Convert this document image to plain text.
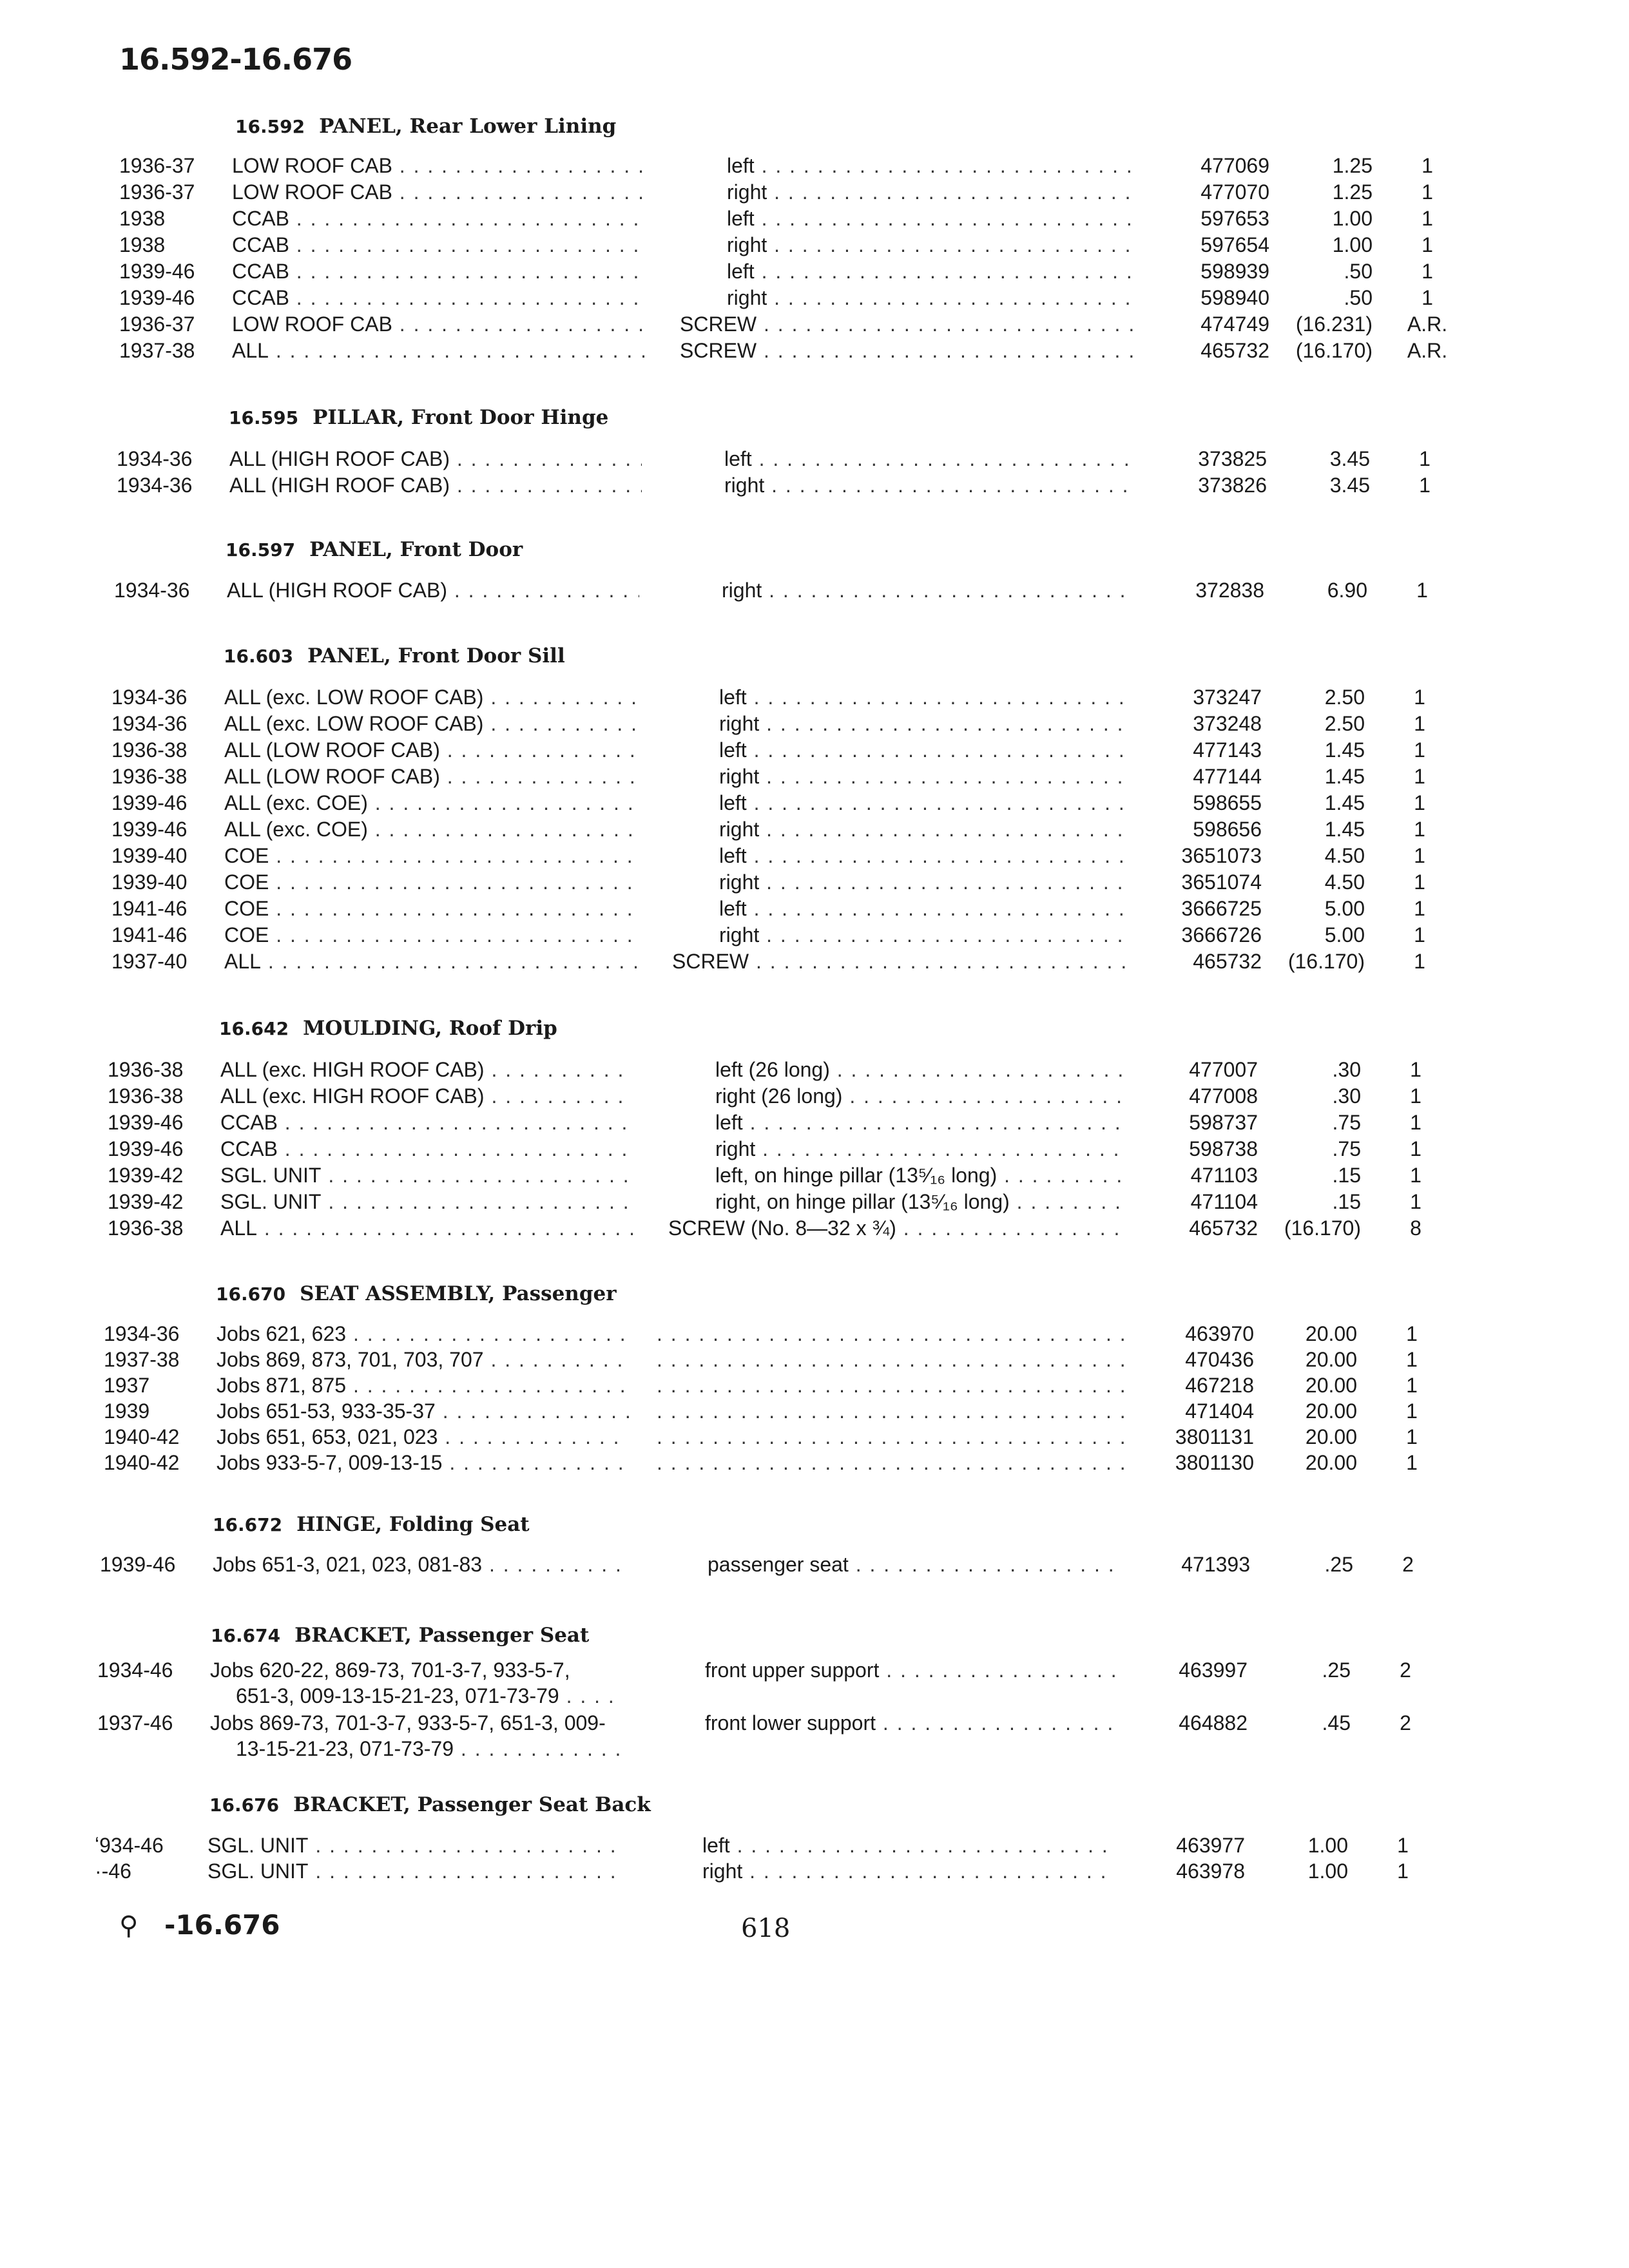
16.592-16.676
16.592 PANEL, Rear Lower Lining
1936-37	LOW ROOF CAB . . .	left . . .	477069	1.25	1
1936-37	LOW ROOF CAB . . .	right . . .	477070	1.25	1
1938	CCAB . . .	left . . .	597653	1.00	1
1938	CCAB . . .	right . . .	597654	1.00	1
1939-46	CCAB . . .	left . . .	598939	.50	1
1939-46	CCAB . . .	right . . .	598940	.50	1
1936-37	LOW ROOF CAB . . .	SCREW . . .	474749	(16.231)	A.R.
1937-38	ALL . . .	SCREW . . .	465732	(16.170)	A.R.
16.595 PILLAR, Front Door Hinge
1934-36	ALL (HIGH ROOF CAB) . . .	left . . .	373825	3.45	1
1934-36	ALL (HIGH ROOF CAB) . . .	right . . .	373826	3.45	1
16.597 PANEL, Front Door
1934-36	ALL (HIGH ROOF CAB) . . .	right . . .	372838	6.90	1
16.603 PANEL, Front Door Sill
1934-36	ALL (exc. LOW ROOF CAB) . . .	left . . .	373247	2.50	1
1934-36	ALL (exc. LOW ROOF CAB) . . .	right . . .	373248	2.50	1
1936-38	ALL (LOW ROOF CAB) . . .	left . . .	477143	1.45	1
1936-38	ALL (LOW ROOF CAB) . . .	right . . .	477144	1.45	1
1939-46	ALL (exc. COE) . . .	left . . .	598655	1.45	1
1939-46	ALL (exc. COE) . . .	right . . .	598656	1.45	1
1939-40	COE . . .	left . . .	3651073	4.50	1
1939-40	COE . . .	right . . .	3651074	4.50	1
1941-46	COE . . .	left . . .	3666725	5.00	1
1941-46	COE . . .	right . . .	3666726	5.00	1
1937-40	ALL . . .	SCREW . . .	465732	(16.170)	1
16.642 MOULDING, Roof Drip
1936-38	ALL (exc. HIGH ROOF CAB) . . .	left (26 long) . . .	477007	.30	1
1936-38	ALL (exc. HIGH ROOF CAB) . . .	right (26 long) . . .	477008	.30	1
1939-46	CCAB . . .	left . . .	598737	.75	1
1939-46	CCAB . . .	right . . .	598738	.75	1
1939-42	SGL. UNIT . . .	left, on hinge pillar (13⁵⁄₁₆ long) . . .	471103	.15	1
1939-42	SGL. UNIT . . .	right, on hinge pillar (13⁵⁄₁₆ long) . . .	471104	.15	1
1936-38	ALL . . .	SCREW (No. 8—32 x ¾) . . .	465732	(16.170)	8
16.670 SEAT ASSEMBLY, Passenger
1934-36	Jobs 621, 623 . . . . . .	463970	20.00	1
1937-38	Jobs 869, 873, 701, 703, 707 . . . . . .	470436	20.00	1
1937	Jobs 871, 875 . . . . . .	467218	20.00	1
1939	Jobs 651-53, 933-35-37 . . . . . .	471404	20.00	1
1940-42	Jobs 651, 653, 021, 023 . . . . . .	3801131	20.00	1
1940-42	Jobs 933-5-7, 009-13-15 . . . . . .	3801130	20.00	1
16.672 HINGE, Folding Seat
1939-46	Jobs 651-3, 021, 023, 081-83 . . .	passenger seat . . .	471393	.25	2
16.674 BRACKET, Passenger Seat
1934-46	Jobs 620-22, 869-73, 701-3-7, 933-5-7,	front upper support . . .	463997	.25	2
651-3, 009-13-15-21-23, 071-73-79 . . .
1937-46	Jobs 869-73, 701-3-7, 933-5-7, 651-3, 009-	front lower support . . .	464882	.45	2
13-15-21-23, 071-73-79 . . .
16.676 BRACKET, Passenger Seat Back
ʻ934-46	SGL. UNIT . . .	left . . .	463977	1.00	1
·-46	SGL. UNIT . . .	right . . .	463978	1.00	1
⚲ -16.676	618
